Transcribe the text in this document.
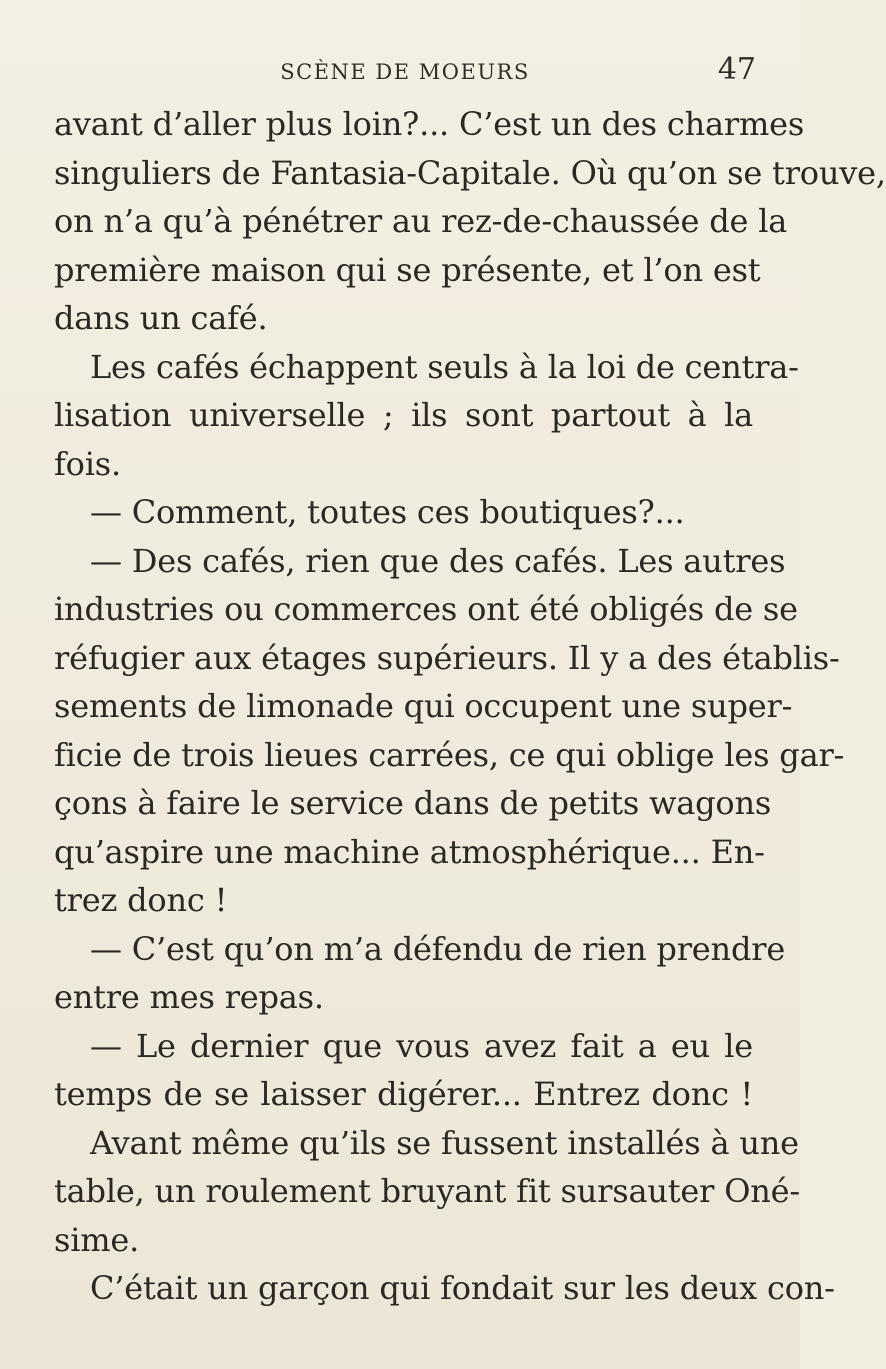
SCÈNE DE MOEURS	47
avant d’aller plus loin?... C’est un des charmes
singuliers de Fantasia-Capitale. Où qu’on se trouve,
on n’a qu’à pénétrer au rez-de-chaussée de la
première maison qui se présente, et l’on est
dans un café.
Les cafés échappent seuls à la loi de centra-
lisation universelle ; ils sont partout à la
fois.
— Comment, toutes ces boutiques?...
— Des cafés, rien que des cafés. Les autres
industries ou commerces ont été obligés de se
réfugier aux étages supérieurs. Il y a des établis-
sements de limonade qui occupent une super-
ficie de trois lieues carrées, ce qui oblige les gar-
çons à faire le service dans de petits wagons
qu’aspire une machine atmosphérique... En-
trez donc !
— C’est qu’on m’a défendu de rien prendre
entre mes repas.
— Le dernier que vous avez fait a eu le
temps de se laisser digérer... Entrez donc !
Avant même qu’ils se fussent installés à une
table, un roulement bruyant fit sursauter Oné-
sime.
C’était un garçon qui fondait sur les deux con-
